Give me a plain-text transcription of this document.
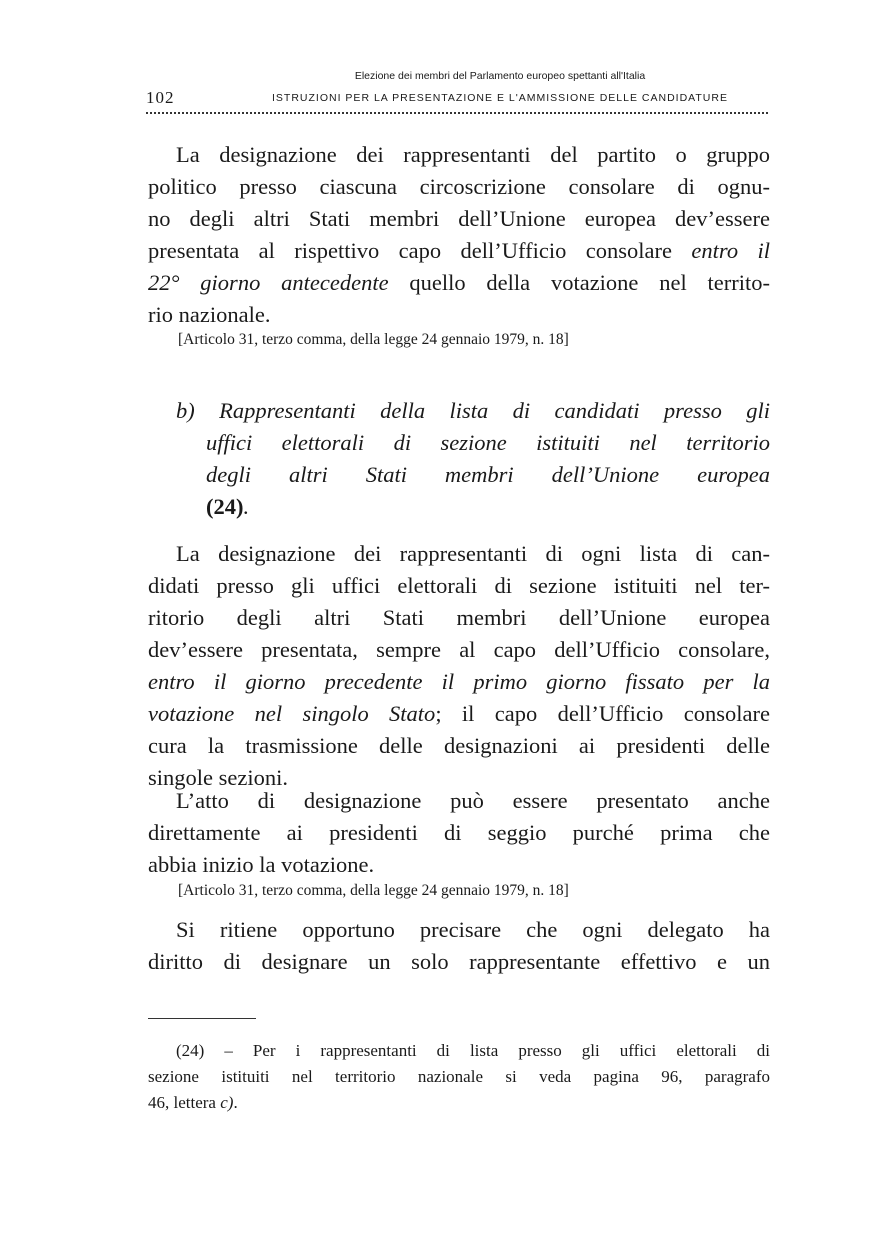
102
Elezione dei membri del Parlamento europeo spettanti all'Italia
ISTRUZIONI PER LA PRESENTAZIONE E L'AMMISSIONE DELLE CANDIDATURE
La designazione dei rappresentanti del partito o gruppo
politico presso ciascuna circoscrizione consolare di ognu-
no degli altri Stati membri dell’Unione europea dev’essere
presentata al rispettivo capo dell’Ufficio consolare entro il
22° giorno antecedente quello della votazione nel territo-
rio nazionale.
[Articolo 31, terzo comma, della legge 24 gennaio 1979, n. 18]
b) Rappresentanti della lista di candidati presso gli
uffici elettorali di sezione istituiti nel territorio
degli altri Stati membri dell’Unione europea
(24).
La designazione dei rappresentanti di ogni lista di can-
didati presso gli uffici elettorali di sezione istituiti nel ter-
ritorio degli altri Stati membri dell’Unione europea
dev’essere presentata, sempre al capo dell’Ufficio consolare,
entro il giorno precedente il primo giorno fissato per la
votazione nel singolo Stato; il capo dell’Ufficio consolare
cura la trasmissione delle designazioni ai presidenti delle
singole sezioni.
L’atto di designazione può essere presentato anche
direttamente ai presidenti di seggio purché prima che
abbia inizio la votazione.
[Articolo 31, terzo comma, della legge 24 gennaio 1979, n. 18]
Si ritiene opportuno precisare che ogni delegato ha
diritto di designare un solo rappresentante effettivo e un
(24) – Per i rappresentanti di lista presso gli uffici elettorali di
sezione istituiti nel territorio nazionale si veda pagina 96, paragrafo
46, lettera c).
